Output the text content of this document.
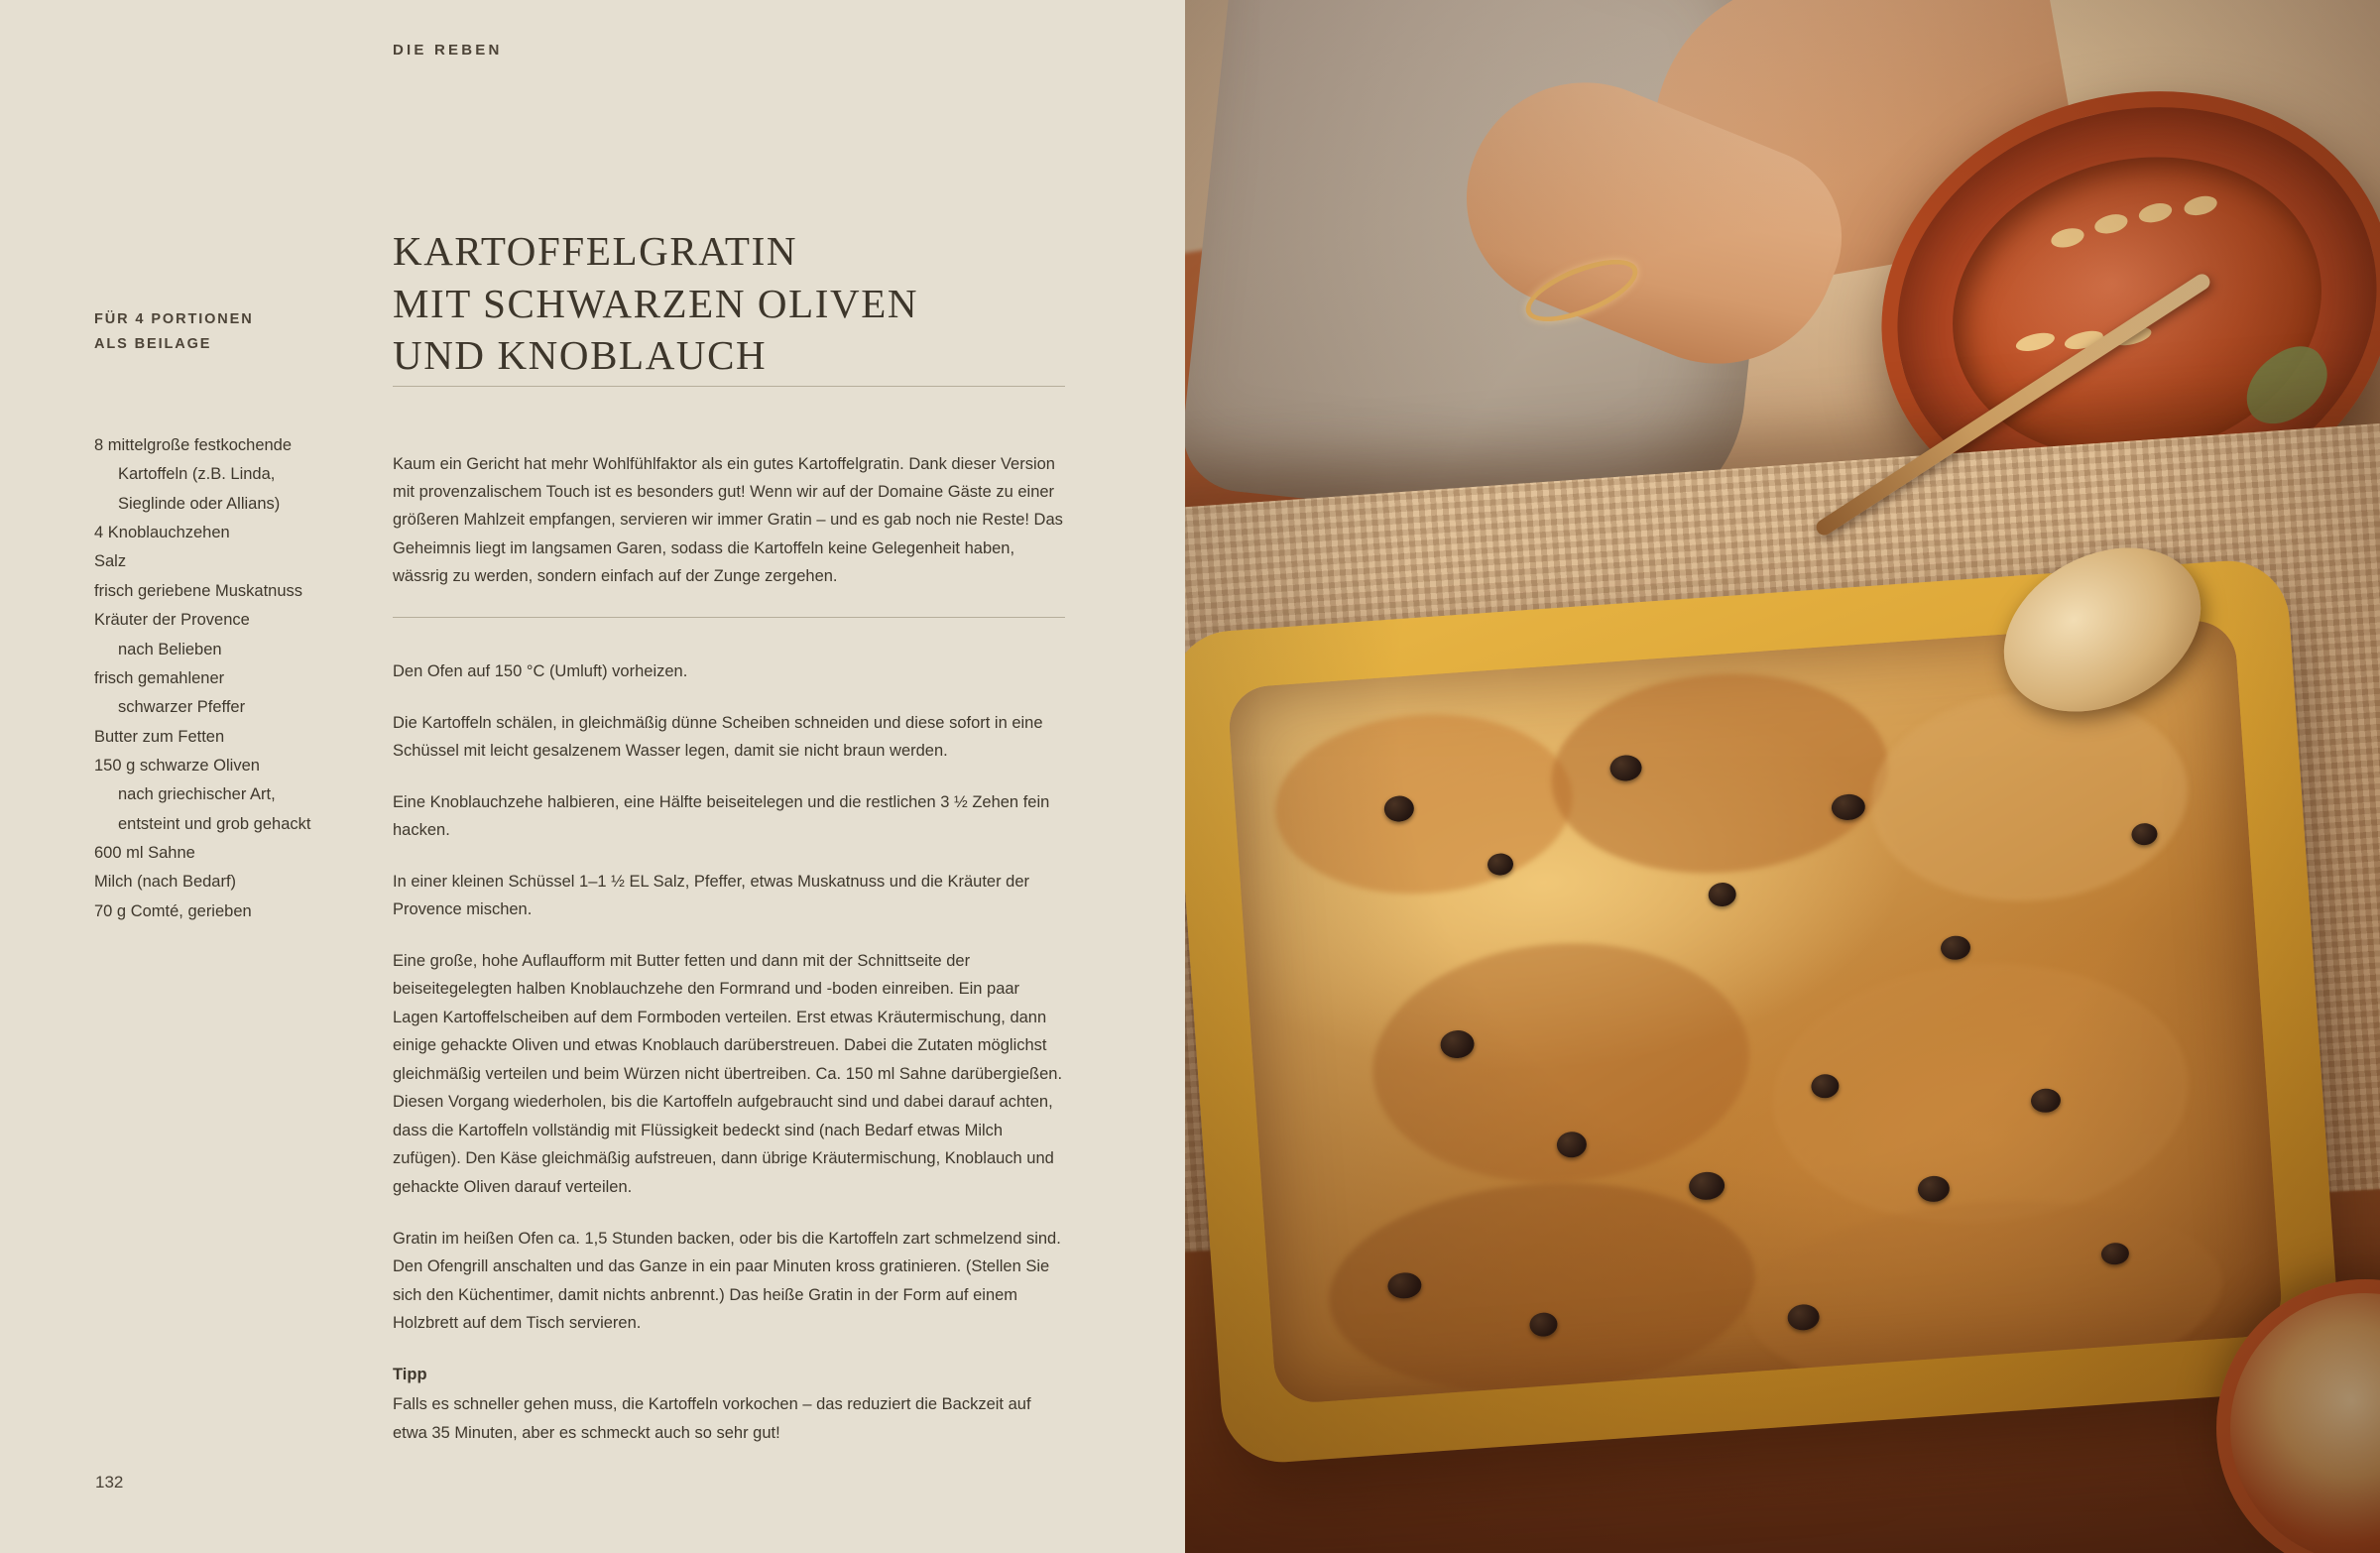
DIE REBEN
KARTOFFELGRATIN
MIT SCHWARZEN OLIVEN
UND KNOBLAUCH
FÜR 4 PORTIONEN
ALS BEILAGE
8 mittelgroße festkochende
Kartoffeln (z.B. Linda,
Sieglinde oder Allians)
4 Knoblauchzehen
Salz
frisch geriebene Muskatnuss
Kräuter der Provence
nach Belieben
frisch gemahlener
schwarzer Pfeffer
Butter zum Fetten
150 g schwarze Oliven
nach griechischer Art,
entsteint und grob gehackt
600 ml Sahne
Milch (nach Bedarf)
70 g Comté, gerieben

Kaum ein Gericht hat mehr Wohlfühlfaktor als ein gutes Kartoffelgratin. Dank dieser Version mit provenzalischem Touch ist es besonders gut! Wenn wir auf der Domaine Gäste zu einer größeren Mahlzeit empfangen, servieren wir immer Gratin – und es gab noch nie Reste! Das Geheimnis liegt im langsamen Garen, sodass die Kartoffeln keine Gelegenheit haben, wässrig zu werden, sondern einfach auf der Zunge zergehen.

Den Ofen auf 150 °C (Umluft) vorheizen.

Die Kartoffeln schälen, in gleichmäßig dünne Scheiben schneiden und diese sofort in eine Schüssel mit leicht gesalzenem Wasser legen, damit sie nicht braun werden.

Eine Knoblauchzehe halbieren, eine Hälfte beiseitelegen und die restlichen 3 ½ Zehen fein hacken.

In einer kleinen Schüssel 1–1 ½ EL Salz, Pfeffer, etwas Muskatnuss und die Kräuter der Provence mischen.

Eine große, hohe Auflaufform mit Butter fetten und dann mit der Schnittseite der beiseitegelegten halben Knoblauchzehe den Formrand und -boden einreiben. Ein paar Lagen Kartoffelscheiben auf dem Formboden verteilen. Erst etwas Kräutermischung, dann einige gehackte Oliven und etwas Knoblauch darüberstreuen. Dabei die Zutaten möglichst gleichmäßig verteilen und beim Würzen nicht übertreiben. Ca. 150 ml Sahne darübergießen. Diesen Vorgang wiederholen, bis die Kartoffeln aufgebraucht sind und dabei darauf achten, dass die Kartoffeln vollständig mit Flüssigkeit bedeckt sind (nach Bedarf etwas Milch zufügen). Den Käse gleichmäßig aufstreuen, dann übrige Kräutermischung, Knoblauch und gehackte Oliven darauf verteilen.

Gratin im heißen Ofen ca. 1,5 Stunden backen, oder bis die Kartoffeln zart schmelzend sind. Den Ofengrill anschalten und das Ganze in ein paar Minuten kross gratinieren. (Stellen Sie sich den Küchentimer, damit nichts anbrennt.) Das heiße Gratin in der Form auf einem Holzbrett auf dem Tisch servieren.

Tipp

Falls es schneller gehen muss, die Kartoffeln vorkochen – das reduziert die Backzeit auf etwa 35 Minuten, aber es schmeckt auch so sehr gut!

132
